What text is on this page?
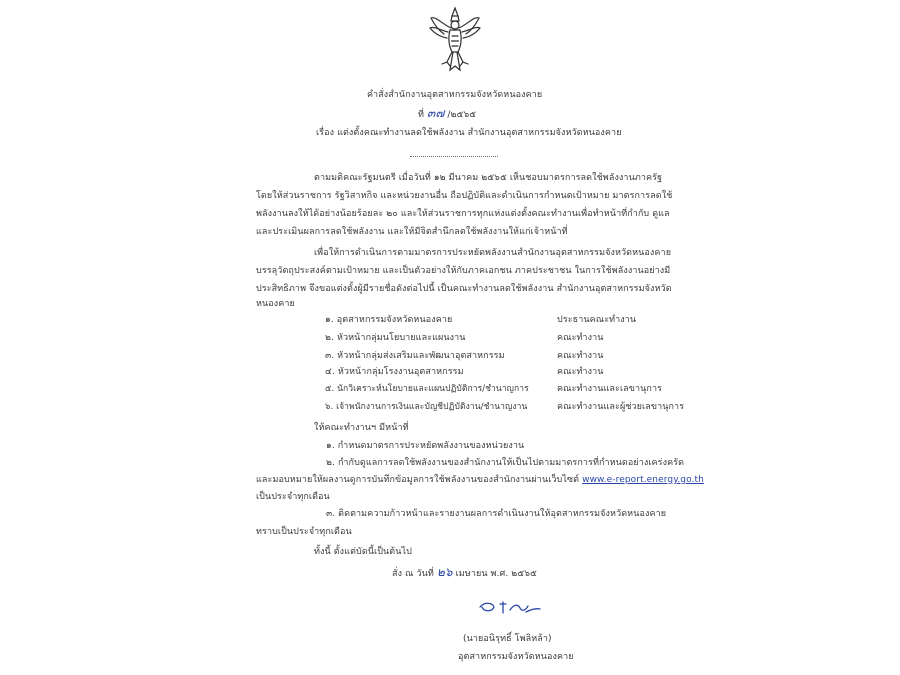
คำสั่งสำนักงานอุตสาหกรรมจังหวัดหนองคาย
ที่ ๓๗ /๒๕๖๕
เรื่อง แต่งตั้งคณะทำงานลดใช้พลังงาน สำนักงานอุตสาหกรรมจังหวัดหนองคาย
ตามมติคณะรัฐมนตรี เมื่อวันที่ ๑๒ มีนาคม ๒๕๖๕ เห็นชอบมาตรการลดใช้พลังงานภาครัฐ
โดยให้ส่วนราชการ รัฐวิสาหกิจ และหน่วยงานอื่น ถือปฏิบัติและดำเนินการกำหนดเป้าหมาย มาตรการลดใช้
พลังงานลงให้ได้อย่างน้อยร้อยละ ๒๐ และให้ส่วนราชการทุกแห่งแต่งตั้งคณะทำงานเพื่อทำหน้าที่กำกับ ดูแล
และประเมินผลการลดใช้พลังงาน และให้มีจิตสำนึกลดใช้พลังงานให้แก่เจ้าหน้าที่
เพื่อให้การดำเนินการตามมาตรการประหยัดพลังงานสำนักงานอุตสาหกรรมจังหวัดหนองคาย
บรรลุวัตถุประสงค์ตามเป้าหมาย และเป็นตัวอย่างให้กับภาคเอกชน ภาคประชาชน ในการใช้พลังงานอย่างมี
ประสิทธิภาพ จึงขอแต่งตั้งผู้มีรายชื่อดังต่อไปนี้ เป็นคณะทำงานลดใช้พลังงาน สำนักงานอุตสาหกรรมจังหวัด
หนองคาย
๑. อุตสาหกรรมจังหวัดหนองคาย	ประธานคณะทำงาน
๒. หัวหน้ากลุ่มนโยบายและแผนงาน	คณะทำงาน
๓. หัวหน้ากลุ่มส่งเสริมและพัฒนาอุตสาหกรรม	คณะทำงาน
๔. หัวหน้ากลุ่มโรงงานอุตสาหกรรม	คณะทำงาน
๕. นักวิเคราะห์นโยบายและแผนปฏิบัติการ/ชำนาญการ	คณะทำงานและเลขานุการ
๖. เจ้าพนักงานการเงินและบัญชีปฏิบัติงาน/ชำนาญงาน	คณะทำงานและผู้ช่วยเลขานุการ
ให้คณะทำงานฯ มีหน้าที่
๑. กำหนดมาตรการประหยัดพลังงานของหน่วยงาน
๒. กำกับดูแลการลดใช้พลังงานของสำนักงานให้เป็นไปตามมาตรการที่กำหนดอย่างเคร่งครัด
และมอบหมายให้ผลงานดูการบันทึกข้อมูลการใช้พลังงานของสำนักงานผ่านเว็บไซต์ www.e-report.energy.go.th
เป็นประจำทุกเดือน
๓. ติดตามความก้าวหน้าและรายงานผลการดำเนินงานให้อุตสาหกรรมจังหวัดหนองคาย
ทราบเป็นประจำทุกเดือน
ทั้งนี้ ตั้งแต่บัดนี้เป็นต้นไป
สั่ง ณ วันที่ ๒๖ เมษายน พ.ศ. ๒๕๖๕
(นายอนิรุทธิ์ โพลิหล้า)
อุตสาหกรรมจังหวัดหนองคาย
